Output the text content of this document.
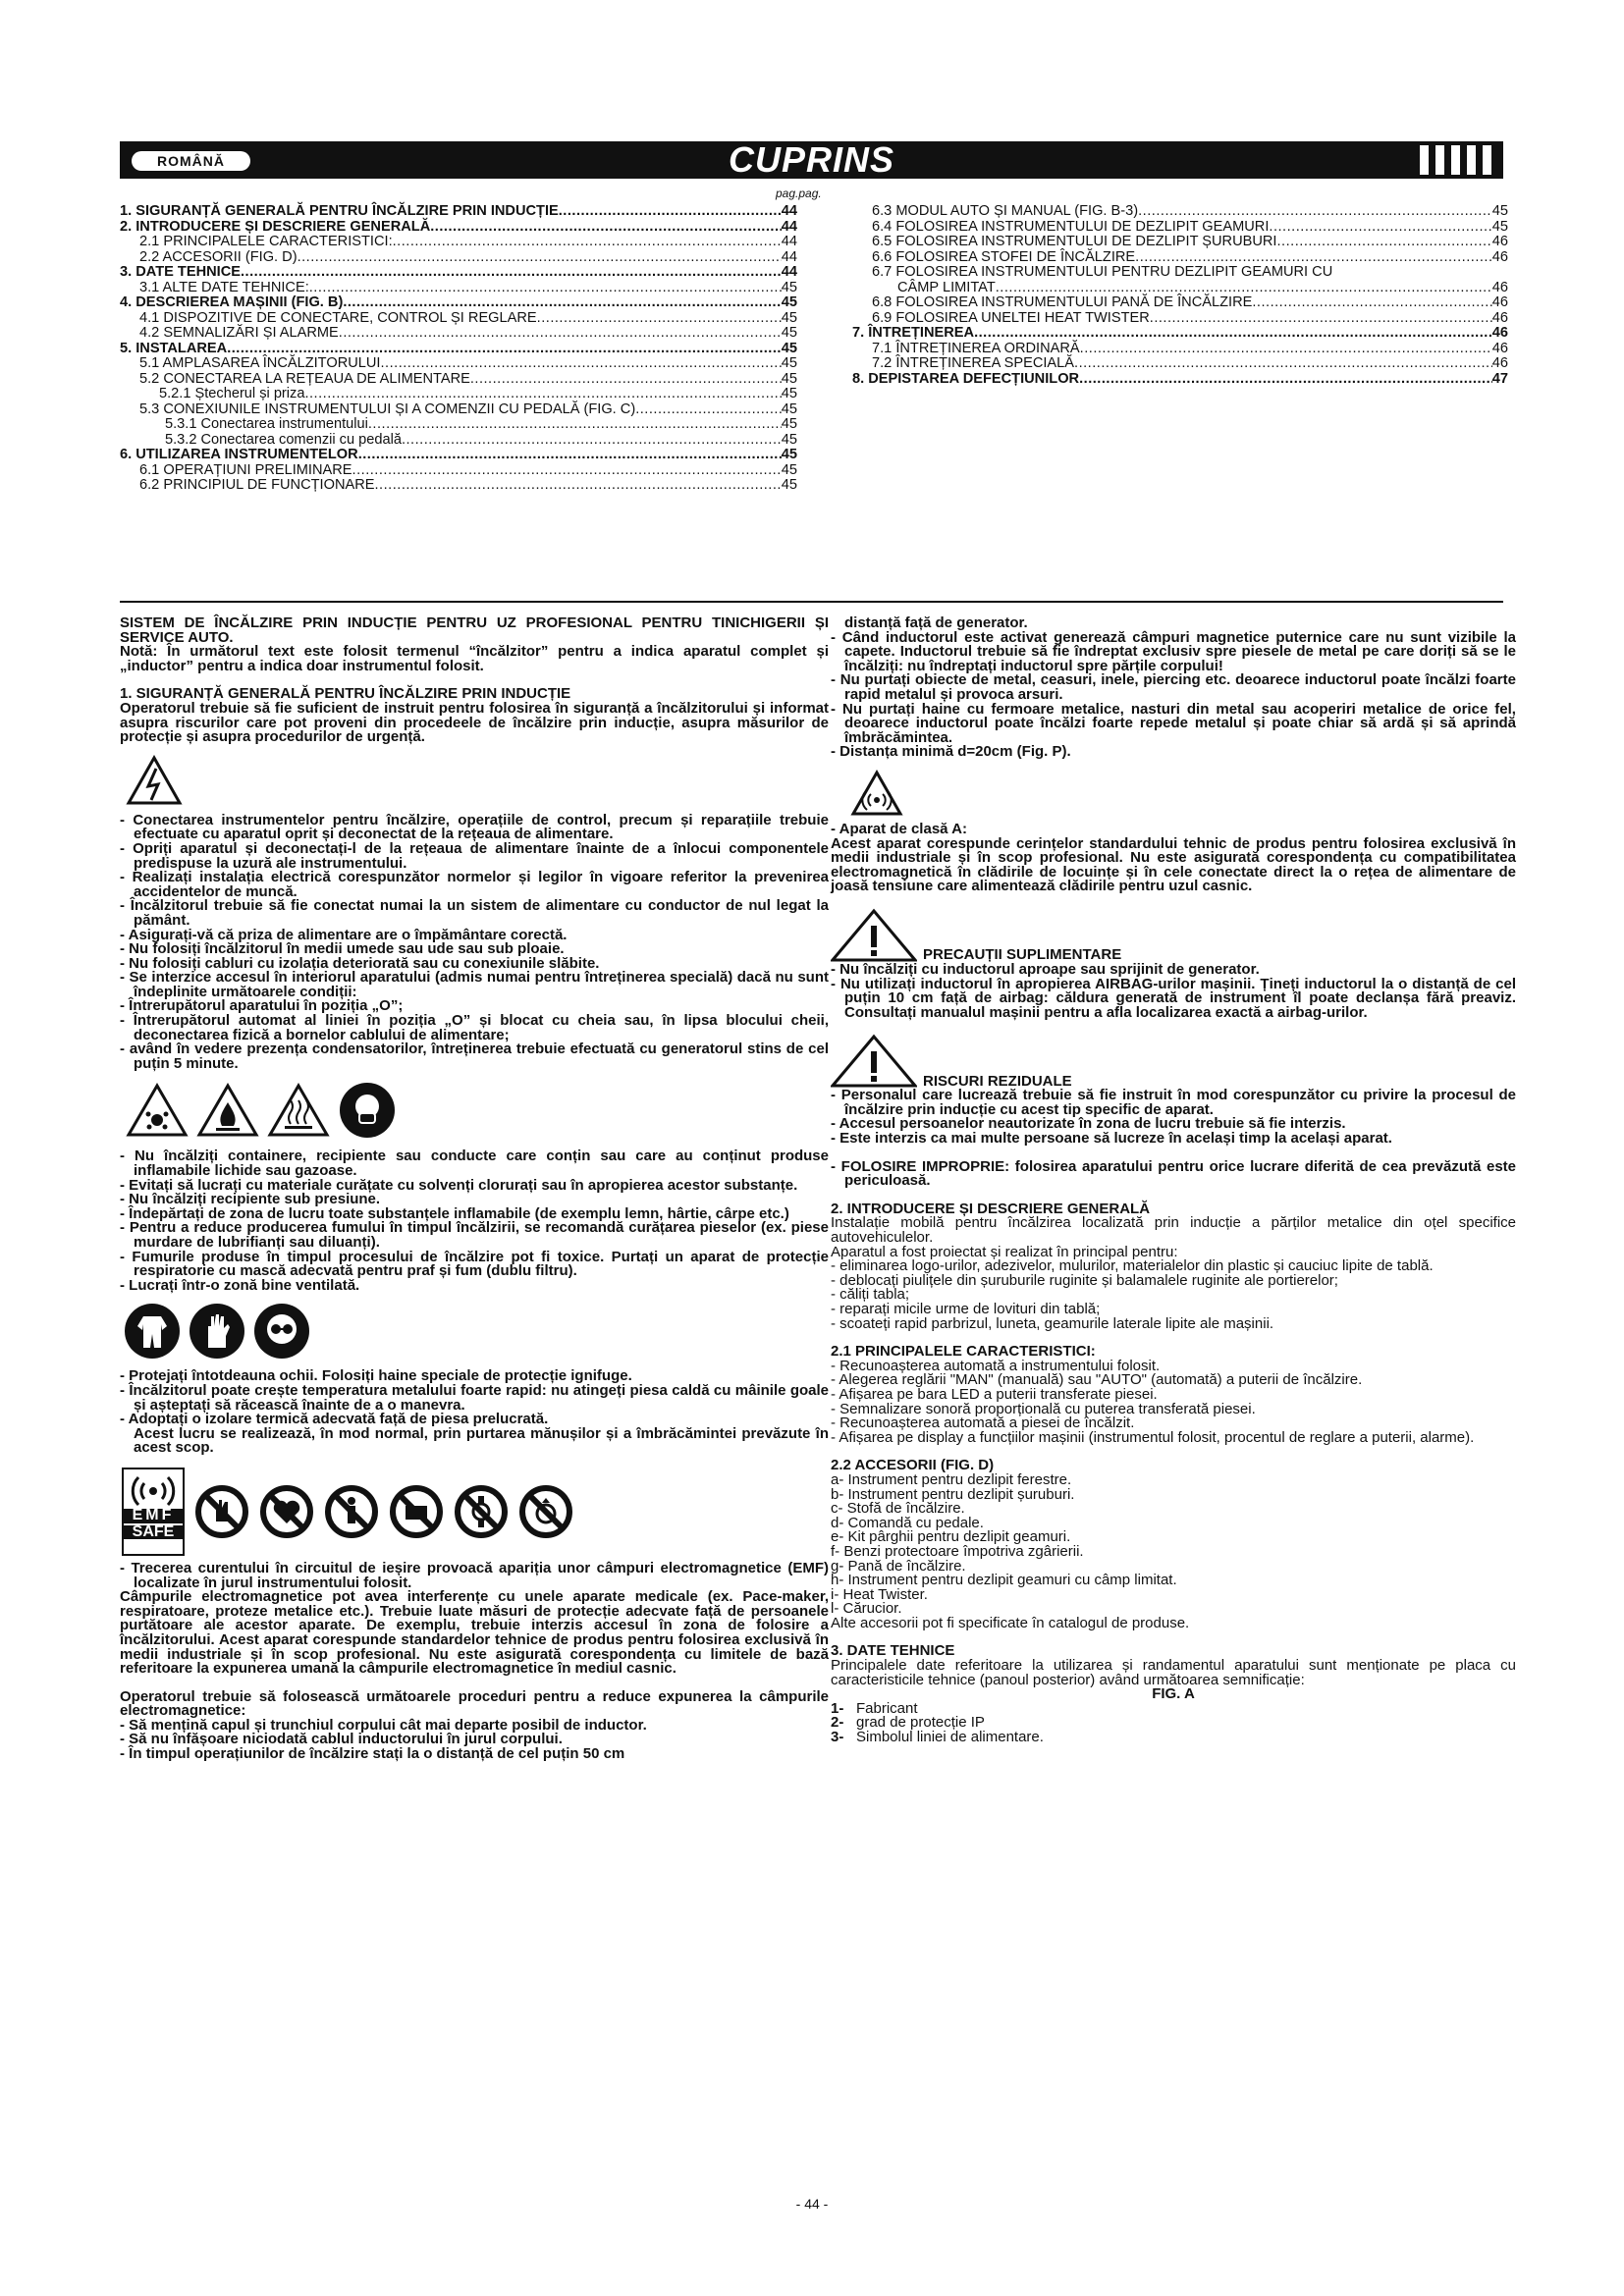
ROMÂNĂ	CUPRINS
pag.pag.
1. SIGURANȚĂ GENERALĂ PENTRU ÎNCĂLZIRE PRIN INDUCȚIE .....	44
2. INTRODUCERE ȘI DESCRIERE GENERALĂ .....	44
2.1 PRINCIPALELE CARACTERISTICI: .....	44
2.2 ACCESORII (FIG. D) .....	44
3. DATE TEHNICE .....	44
3.1 ALTE DATE TEHNICE: .....	45
4. DESCRIEREA MAȘINII (FIG. B) .....	45
4.1 DISPOZITIVE DE CONECTARE, CONTROL ȘI REGLARE .....	45
4.2 SEMNALIZĂRI ȘI ALARME .....	45
5. INSTALAREA .....	45
5.1 AMPLASAREA ÎNCĂLZITORULUI .....	45
5.2 CONECTAREA LA REȚEAUA DE ALIMENTARE .....	45
5.2.1 Ștecherul și priza .....	45
5.3 CONEXIUNILE INSTRUMENTULUI ȘI A COMENZII CU PEDALĂ (FIG. C) .....	45
5.3.1 Conectarea instrumentului .....	45
5.3.2 Conectarea comenzii cu pedală .....	45
6. UTILIZAREA INSTRUMENTELOR .....	45
6.1 OPERAȚIUNI PRELIMINARE .....	45
6.2 PRINCIPIUL DE FUNCȚIONARE .....	45
6.3 MODUL AUTO ȘI MANUAL (FIG. B-3) .....	45
6.4 FOLOSIREA INSTRUMENTULUI DE DEZLIPIT GEAMURI .....	45
6.5 FOLOSIREA INSTRUMENTULUI DE DEZLIPIT ȘURUBURI .....	46
6.6 FOLOSIREA STOFEI DE ÎNCĂLZIRE .....	46
6.7 FOLOSIREA INSTRUMENTULUI PENTRU DEZLIPIT GEAMURI CU
CÂMP LIMITAT .....	46
6.8 FOLOSIREA INSTRUMENTULUI PANĂ DE ÎNCĂLZIRE .....	46
6.9 FOLOSIREA UNELTEI HEAT TWISTER .....	46
7. ÎNTREȚINEREA .....	46
7.1 ÎNTREȚINEREA ORDINARĂ .....	46
7.2 ÎNTREȚINEREA SPECIALĂ .....	46
8. DEPISTAREA DEFECȚIUNILOR .....	47

SISTEM DE ÎNCĂLZIRE PRIN INDUCȚIE PENTRU UZ PROFESIONAL PENTRU TINICHIGERII ȘI SERVICE AUTO.

Notă: În următorul text este folosit termenul “încălzitor” pentru a indica aparatul complet și „inductor” pentru a indica doar instrumentul folosit.

1. SIGURANȚĂ GENERALĂ PENTRU ÎNCĂLZIRE PRIN INDUCȚIE

Operatorul trebuie să fie suficient de instruit pentru folosirea în siguranță a încălzitorului și informat asupra riscurilor care pot proveni din procedeele de încălzire prin inducție, asupra măsurilor de protecție și asupra procedurilor de urgență.

- Conectarea instrumentelor pentru încălzire, operațiile de control, precum și reparațiile trebuie efectuate cu aparatul oprit și deconectat de la rețeaua de alimentare.

- Opriți aparatul și deconectați-l de la rețeaua de alimentare înainte de a înlocui componentele predispuse la uzură ale instrumentului.

- Realizați instalația electrică corespunzător normelor și legilor în vigoare referitor la prevenirea accidentelor de muncă.

- Încălzitorul trebuie să fie conectat numai la un sistem de alimentare cu conductor de nul legat la pământ.

- Asigurați-vă că priza de alimentare are o împământare corectă.

- Nu folosiți încălzitorul în medii umede sau ude sau sub ploaie.

- Nu folosiți cabluri cu izolația deteriorată sau cu conexiunile slăbite.

- Se interzice accesul în interiorul aparatului (admis numai pentru întreținerea specială) dacă nu sunt îndeplinite următoarele condiții:

- Întrerupătorul aparatului în poziția „O”;

- Întrerupătorul automat al liniei în poziția „O” și blocat cu cheia sau, în lipsa blocului cheii, deconectarea fizică a bornelor cablului de alimentare;

- având în vedere prezența condensatorilor, întreținerea trebuie efectuată cu generatorul stins de cel puțin 5 minute.

- Nu încălziți containere, recipiente sau conducte care conțin sau care au conținut produse inflamabile lichide sau gazoase.

- Evitați să lucrați cu materiale curățate cu solvenți clorurați sau în apropierea acestor substanțe.

- Nu încălziți recipiente sub presiune.

- Îndepărtați de zona de lucru toate substanțele inflamabile (de exemplu lemn, hârtie, cârpe etc.)

- Pentru a reduce producerea fumului în timpul încălzirii, se recomandă curățarea pieselor (ex. piese murdare de lubrifianți sau diluanți).

- Fumurile produse în timpul procesului de încălzire pot fi toxice. Purtați un aparat de protecție respiratorie cu mască adecvată pentru praf și fum (dublu filtru).

- Lucrați într-o zonă bine ventilată.

- Protejați întotdeauna ochii. Folosiți haine speciale de protecție ignifuge.

- Încălzitorul poate crește temperatura metalului foarte rapid: nu atingeți piesa caldă cu mâinile goale și așteptați să răcească înainte de a o manevra.

- Adoptați o izolare termică adecvată față de piesa prelucrată.

Acest lucru se realizează, în mod normal, prin purtarea mănușilor și a îmbrăcămintei prevăzute în acest scop.

EMF
SAFE

- Trecerea curentului în circuitul de ieșire provoacă apariția unor câmpuri electromagnetice (EMF) localizate în jurul instrumentului folosit.

Câmpurile electromagnetice pot avea interferențe cu unele aparate medicale (ex. Pace-maker, respiratoare, proteze metalice etc.). Trebuie luate măsuri de protecție adecvate față de persoanele purtătoare ale acestor aparate. De exemplu, trebuie interzis accesul în zona de folosire a încălzitorului. Acest aparat corespunde standardelor tehnice de produs pentru folosirea exclusivă în medii industriale și în scop profesional. Nu este asigurată corespondența cu limitele de bază referitoare la expunerea umană la câmpurile electromagnetice în mediul casnic.

Operatorul trebuie să folosească următoarele proceduri pentru a reduce expunerea la câmpurile electromagnetice:

- Să mențină capul și trunchiul corpului cât mai departe posibil de inductor.

- Să nu înfășoare niciodată cablul inductorului în jurul corpului.

- În timpul operațiunilor de încălzire stați la o distanță de cel puțin 50 cm

distanță față de generator.

- Când inductorul este activat generează câmpuri magnetice puternice care nu sunt vizibile la capete. Inductorul trebuie să fie îndreptat exclusiv spre piesele de metal pe care doriți să se le încălziți: nu îndreptați inductorul spre părțile corpului!

- Nu purtați obiecte de metal, ceasuri, inele, piercing etc. deoarece inductorul poate încălzi foarte rapid metalul și provoca arsuri.

- Nu purtați haine cu fermoare metalice, nasturi din metal sau acoperiri metalice de orice fel, deoarece inductorul poate încălzi foarte repede metalul și poate chiar să ardă și să aprindă îmbrăcămintea.

- Distanța minimă d=20cm (Fig. P).

- Aparat de clasă A:

Acest aparat corespunde cerințelor standardului tehnic de produs pentru folosirea exclusivă în medii industriale și în scop profesional. Nu este asigurată corespondența cu compatibilitatea electromagnetică în clădirile de locuințe și în cele conectate direct la o rețea de alimentare de joasă tensiune care alimentează clădirile pentru uzul casnic.

PRECAUȚII SUPLIMENTARE

- Nu încălziți cu inductorul aproape sau sprijinit de generator.

- Nu utilizați inductorul în apropierea AIRBAG-urilor mașinii. Țineți inductorul la o distanță de cel puțin 10 cm față de airbag: căldura generată de instrument îl poate declanșa fără preaviz. Consultați manualul mașinii pentru a afla localizarea exactă a airbag-urilor.

RISCURI REZIDUALE

- Personalul care lucrează trebuie să fie instruit în mod corespunzător cu privire la procesul de încălzire prin inducție cu acest tip specific de aparat.

- Accesul persoanelor neautorizate în zona de lucru trebuie să fie interzis.

- Este interzis ca mai multe persoane să lucreze în același timp la același aparat.

- FOLOSIRE IMPROPRIE: folosirea aparatului pentru orice lucrare diferită de cea prevăzută este periculoasă.

2. INTRODUCERE ȘI DESCRIERE GENERALĂ

Instalație mobilă pentru încălzirea localizată prin inducție a părților metalice din oțel specifice autovehiculelor.

Aparatul a fost proiectat și realizat în principal pentru:

- eliminarea logo-urilor, adezivelor, mulurilor, materialelor din plastic și cauciuc lipite de tablă.

- deblocați piulițele din șuruburile ruginite și balamalele ruginite ale portierelor;

- căliți tabla;

- reparați micile urme de lovituri din tablă;

- scoateți rapid parbrizul, luneta, geamurile laterale lipite ale mașinii.

2.1 PRINCIPALELE CARACTERISTICI:

- Recunoașterea automată a instrumentului folosit.

- Alegerea reglării "MAN" (manuală) sau "AUTO" (automată) a puterii de încălzire.

- Afișarea pe bara LED a puterii transferate piesei.

- Semnalizare sonoră proporțională cu puterea transferată piesei.

- Recunoașterea automată a piesei de încălzit.

- Afișarea pe display a funcțiilor mașinii (instrumentul folosit, procentul de reglare a puterii, alarme).

2.2 ACCESORII (FIG. D)

a- Instrument pentru dezlipit ferestre.

b- Instrument pentru dezlipit șuruburi.

c- Stofă de încălzire.

d- Comandă cu pedale.

e- Kit pârghii pentru dezlipit geamuri.

f- Benzi protectoare împotriva zgârierii.

g- Pană de încălzire.

h- Instrument pentru dezlipit geamuri cu câmp limitat.

i- Heat Twister.

l- Cărucior.

Alte accesorii pot fi specificate în catalogul de produse.

3. DATE TEHNICE

Principalele date referitoare la utilizarea și randamentul aparatului sunt menționate pe placa cu caracteristicile tehnice (panoul posterior) având următoarea semnificație:

FIG. A

1- Fabricant

2- grad de protecție IP

3- Simbolul liniei de alimentare.

- 44 -
